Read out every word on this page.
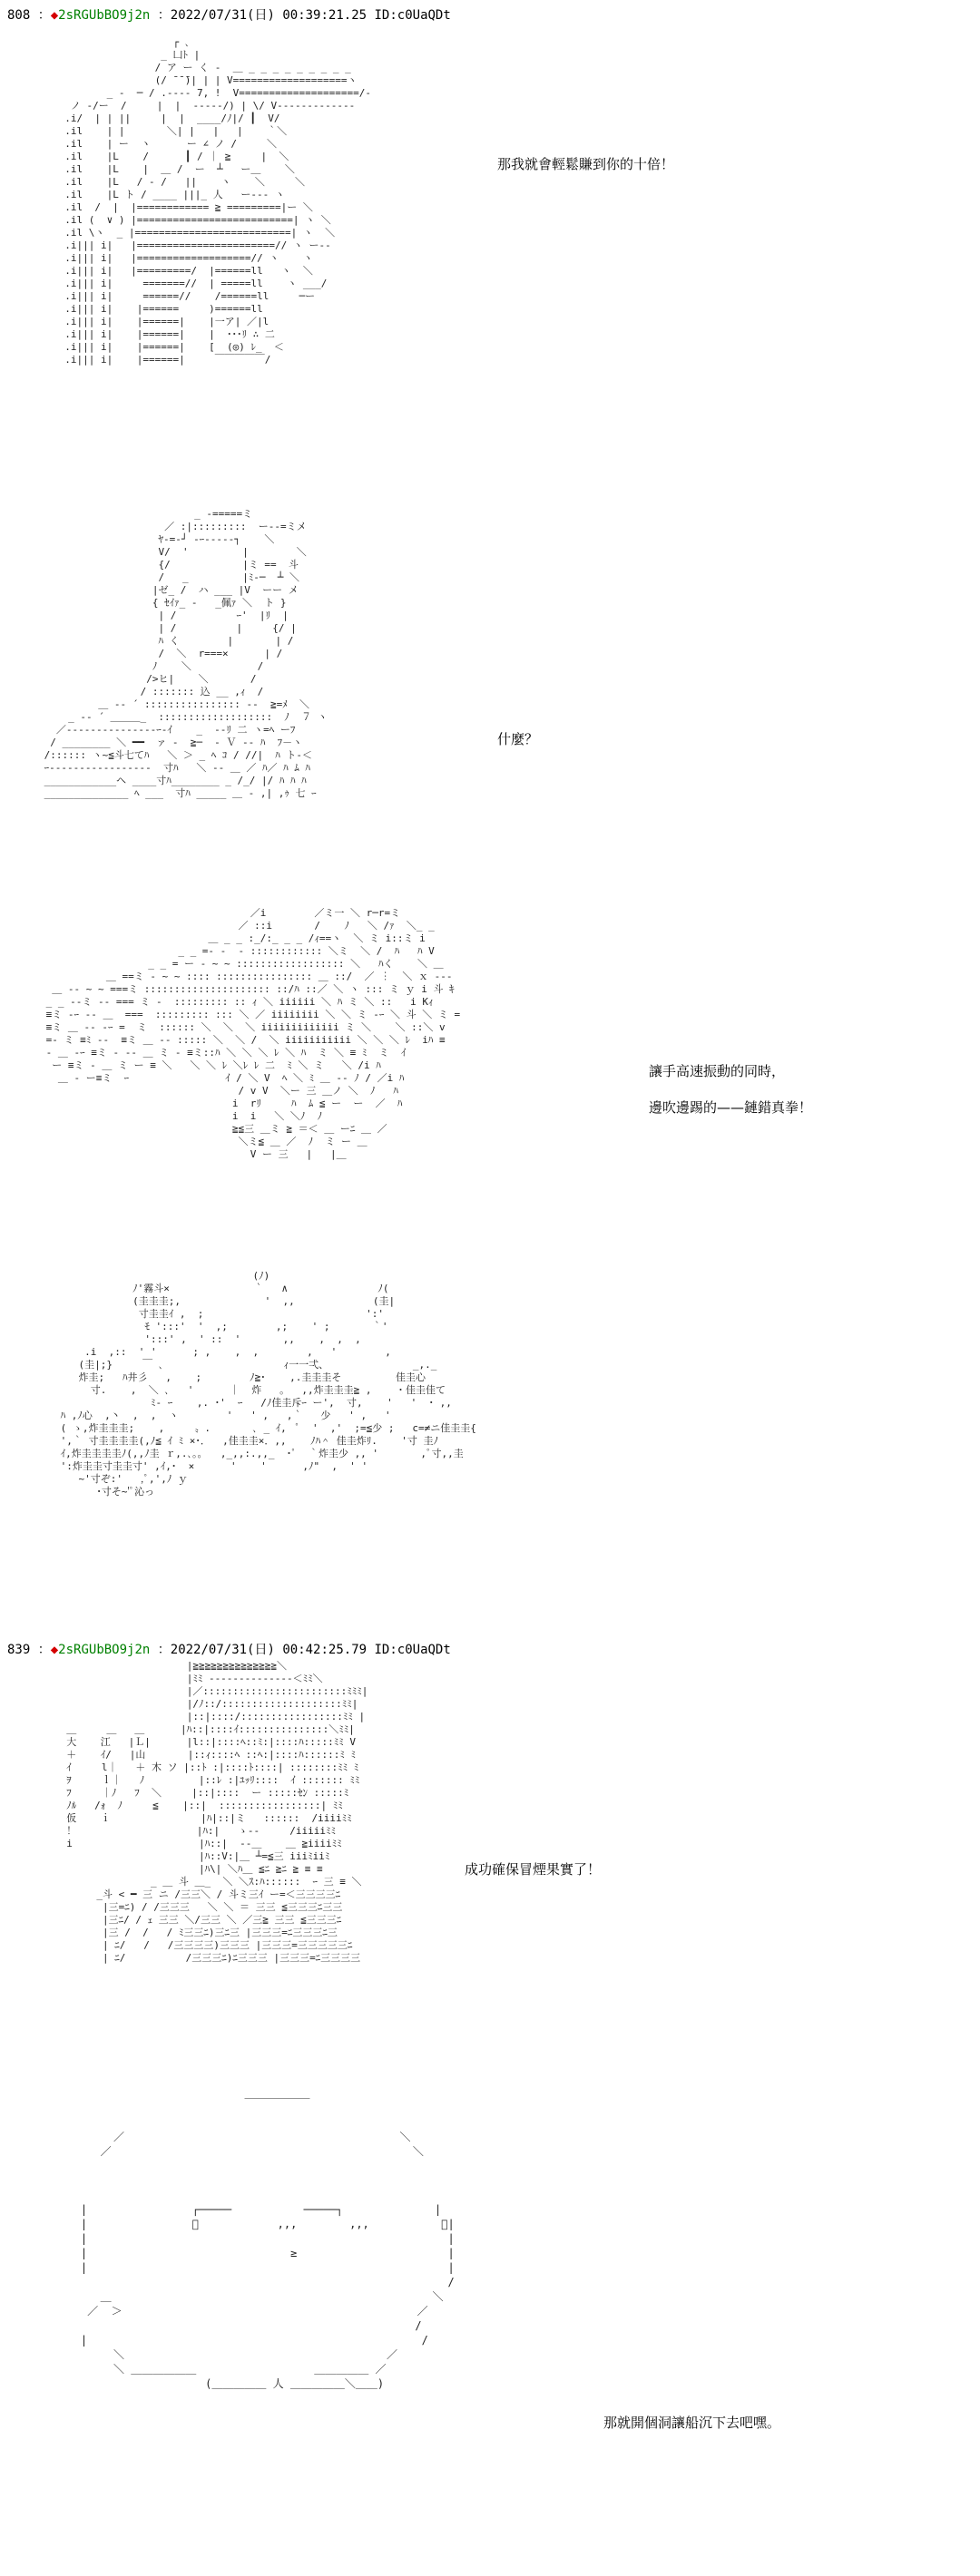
808 ：◆2sRGUbBO9j2n ：2022/07/31(日) 00:39:21.25 ID:c0UaQDt
┌ ､
_ 凵ﾄ |
/ ア ー く ‐  ＿ _ _ _ _ _ _ _ _ _
(/ ̄ ̄ ̄)| | | V===================ヽ
_ -  ─ / .---- 7, !  V====================/-
ノ -/ー  /     |  |  -----/) | \/ V‐‐‐‐‐‐‐‐‐‐‐‐‐
.i/  | | ||     |  |  ____/ﾉ|/ ┃  V/
.il    | |       ＼| |   |   |    ｀＼
.il    | ー  ヽ      ー ∠ ノ /     ＼
.il    |L    /      ┃ / ｜ ≧     |  ＼
.il    |L    |  ＿ /  ー  ┴   ー＿    ＼
.il    |L   / - /   ||    ヽ    ＼     ＼
.il    |L ト / ____ |||_ 人   ー--- ヽ
.il  /  |  |============ ≧ =========|ー ＼
.il (  ∨ ) |==========================| ヽ ＼
.il \ヽ  _ |==========================| ヽ  ＼
.i||| i|   |=======================// ヽ ー--
.i||| i|   |===================// ヽ    ヽ
.i||| i|   |=========/  |======ll   ヽ  ＼
.i||| i|     =======//  | =====ll    ヽ ___/
.i||| i|     ======//    /======ll     ─ー
.i||| i|    |======     )======ll
.i||| i|    |======|    |一ア| ／|l
.i||| i|    |======|    |  ･･･ﾘ ∴ 二
.i||| i|    |======|    [  (◎) ﾚ_  ＜
.i||| i|    |======|     ￣￣￣￣￣/

那我就會輕鬆賺到你的十倍！
_ -=====ミ
／ :|:::::::::  ー‐‐=ミメ
ﾔ-=-┘ -ｰ-‐‐‐‐┐    ＼
V/  '         |        ＼
{/            |ミ ==  斗
/   _         |ﾐ-─  ┴ ＼
|ゼ_ /  ハ ___ |V  ーー メ
{ ｾｲｧ_ -   _佩ｧ ＼  ト }
| /          ｰ'  |ﾘ  |
| /          |     {/ |
ﾊ く        |       | /
/  ＼  r===×      | /
ﾉ    ＼           /
/>ヒ|    ＼       /
/ ::::::: 込 __ ,ｨ  /
＿ -‐ ´ :::::::::::::::: ‐‐  ≧=ﾒ  ＼
_ -‐ ´ ＿＿＿_  :::::::::::::::::::  ﾉ  ７ ヽ
／---------------ｰ-ｲ    _  ‐‐ﾘ 二 ヽ=ﾍ ーﾌ
/ ________ ＼ ━━  ァ ‐  ≧─  - Ｖ ‐‐ ﾊ  ﾌ－ヽ
/:::::: ヽ~≦斗七てﾊ   ＼ ＞ _ ﾍ ｺ / //|  ﾊ ト-＜
ｰ-----------------  寸ﾊ   ＼ ‐‐ ＿ ／ ﾊ／ ﾊ ﾑ ﾊ
____________ヘ ____寸ﾊ________ _ /_/ |/ ﾊ ﾊ ﾊ
______________ ﾍ ___  寸ﾊ _____ ＿ ‐ ,| ,ｩ 七 ｰ

什麼？
／i        ／ミ一 ＼ r─r=ミ
／ ::i       /    ﾉ   ＼ /ｧ  ＼_ _
＿ _ _ :_/:_ _ _ /ｨ==ヽ  ＼ ミ i::ミ i
_ _ =- ‐  ‐ :::::::::::: ＼ミ  ＼ /  ﾊ   ﾊ V
_ _ = ー ‐ ~ ~ :::::::::::::::::: ＼   ﾊく    ＼ ＿
＿ ==ミ ‐ ~ ~ :::: :::::::::::::::: ＿ ::/  ／ ︙  ＼ ｘ ‐‐‐
＿ -‐ ~ ~ ===ミ ::::::::::::::::::::: ::/ﾊ ::／ ＼ ヽ ::: ミ ｙ i 斗 ｷ
_ _ --ミ ‐‐ === ミ ‐  ::::::::: :: ｨ ＼ iiiiii ＼ ﾊ ミ ＼ ::   i Kｨ
≡ミ -ｰ ‐‐ ＿  ===  ::::::::: ::: ＼ ／ iiiiiiii ＼ ＼ ミ -ｰ ＼ 斗 ＼ ミ =
≡ミ ＿ ‐‐ -ｰ =  ミ  :::::: ＼  ＼  ＼ iiiiiiiiiiiii ミ ＼    ＼ ::＼ v
=‐ ミ ≡ﾐ ‐‐  ≡ミ ＿ ‐‐ ::::: ＼  ＼ /  ＼ iiiiiiiiiii ＼ ＼ ＼ ﾚ  iﾊ ≡
‐ ＿ -ｰ ≡ミ ‐ ‐‐ ＿ ミ ‐ ≡ミ::ﾊ ＼ ＼ ＼ ﾚ ＼ ﾊ  ミ ＼ ≡ ﾐ  ミ  ｲ
ー ≡ミ ‐ ＿ ミ ー ≡ ＼   ＼ ＼ ﾚ ＼ﾚ ﾚ 二  ﾐ ＼ ミ   ＼ /i ﾊ
＿ ‐ ー≡ミ  ｰ                ｲ / ＼ V  ﾍ ＼ ﾐ ＿ ‐‐ ﾉ / ／i ﾊ
/ v V  ＼ー 三 ＿ノ ＼  ﾉ   ﾊ
i  rﾘ     ﾊ  ﾑ ≦ ー  ー  ／  ﾊ
i  i   ＼ ＼ﾉ  ﾉ
≧≦三 ＿ミ ≧ ＝＜ ＿ ーﾆ ＿ ／
＼ミ≦ ＿ ／  ﾉ  ミ ー ＿
V ー 三   |   |＿

讓手高速振動的同時，
邊吹邊踢的——鏈錯真拳！
(ﾉ)
ﾉ'霧斗×              ｀   ∧               ﾉ(
(圭圭圭;,              '  ,,             (圭|
寸圭圭ｲ ,  ;                           ':'
ﾓ ':::'  '  ,;        ,;    ' ;       ｀'
':::' ,  ' ::  '       ,,    ,  ,  ,
.i  ,::  ' '      ; ,    ,  ,        ,   '        ,
(圭|;}     ￣ ､                    ｨ一一弌、              _,._
炸圭;   ﾊ井彡   ,    ;        ﾉ≧･    ,.圭圭圭そ         佳圭心
寸.    ,  ＼ ､   '      ｜  炸   。  ,,炸圭圭圭≧ ,    ・佳圭佳て
ﾐ‐ ｰ    ,. ･'  ｰ   /ﾉ佳圭斥ｰ ー',  寸,    '   '  ･ ,,
ﾊ ,ﾉ心  ,丶  ,  ,  ヽ        '   ' ,   ,｀   少   ' ,   '
( ゝ,炸圭圭圭;    ,     〟.       ､ _ ｲ,  ﾟ  '  ,'  ;=≦少 ;   c=≠ニ佳圭圭{
',｀ 寸圭圭圭圭(,ﾉ≦ ｲ ﾐ ×･．  ,佳圭圭×．,,    ﾉﾊ＾ 佳圭炸ﾘ.    '寸 圭ﾉ
ｲ,炸圭圭圭圭ﾉ(,,ﾉ圭 ｒ,.､｡｡   ,_,,:.,,_  ･ﾟ  ｀炸圭少 ,, '       ,ﾟ寸,,圭
':炸圭圭寸圭圭寸' ,ｲ,･  ×      '    '      ,ﾉ"  ,  ' '
~'寸ぞ:'   ,ﾟ,',ﾉ ｙ
･寸そ~'ﾟ沁っ

839 ：◆2sRGUbBO9j2n ：2022/07/31(日) 00:42:25.79 ID:c0UaQDt
|≧≧≧≧≧≧≧≧≧≧≧≧≧≧＼
|ﾐﾐ ‐‐‐‐‐‐‐‐‐‐‐‐‐‐＜ﾐﾐ＼
|／::::::::::::::::::::::::ﾐﾐﾐ|
|/ﾉ::/::::::::::::::::::::ﾐﾐ|
|::|::::/:::::::::::::::::ﾐﾐ |
＿     ＿   ＿      |ﾊ::|::::ｲ:::::::::::::::＼ﾐﾐ|
大    江   |Ｌ|      |l::|::::ﾍ::ﾐ:|::::ﾊ:::::ﾐﾐ V
＋    ｲ/   |山       |::ｨ::::ﾍ ::ﾍ:|::::ﾊ::::::ﾐ ﾐ
ｲ     l｜   ＋ 木 ソ |::ﾄ :|::::ﾄ::::| ::::::::ﾐﾐ ﾐ
ｦ     ｌ｜   ﾉ         |::ﾚ :|ﾕｯﾘ::::  ｲ ::::::: ﾐﾐ
ﾌ     ｜ﾉ   ﾌ  ＼     |::|::::  ー :::::ｾﾝ :::::ﾐ
ﾉﾙ   /ｫ  ﾉ     ≦    |::|  :::::::::::::::::| ﾐﾐ
仮    ｉ               |ﾊ|::|ミ   ::::::  /iiiiﾐﾐ
！                    |ﾊ:|   ゝ‐‐     /iiiiiﾐﾐ
i                     |ﾊ::|  ‐-＿    ＿ ≧iiiiﾐﾐ
|ﾊ::V:|＿ ┴=≦三 iiiﾐiiﾐ
|ﾊ\| ＼ﾊ＿ ≦ﾆ ≧ﾆ ≧ ≡ ≡
_ ＿ 斗 ＿_  ＼ ＼ｽ:ﾊ::::::  ｰ 三 ≡ ＼
_斗 < ━ 三 ニ /三三＼ / 斗ミ三ｲ ー=＜三三三三ﾆ
|三=ﾆ) / /三三三   ＼ ＼ ＝ 三三 ≦三三三ﾆ三三
|三ﾆ/ / ｪ 三三 ＼/三三 ＼ ／三≧ 三三 ≦三三三ﾆ
|三 /  /   / ﾐ三三ﾆ)三ﾆ三 |三三三=ﾆ三三三ﾆ三
| ﾆ/   /   /三三三三)三三三 |三三三=三三三三三ﾆ
| ﾆ/          /三三三ﾆ)ﾆ三三三 |三三三=ﾆ三三三三

成功確保冒煙果實了！
＿＿＿＿＿＿

／                                          ＼
／                                              ＼

|                ┌─────           ─────┐              |
|                ﾞ            ,,,        ,,,           ﾞ|
|                                                       |
|                               ≥                       |
|                                                       |
/
＿                                                 ＼
／  ＞                                             ／
/
|                                                   /
＼                                        ／
＼ ＿＿＿＿＿＿                  ＿＿＿＿＿ ／
(＿＿＿＿＿ 人 ＿＿＿＿＿＼＿＿)

那就開個洞讓船沉下去吧嘿。
